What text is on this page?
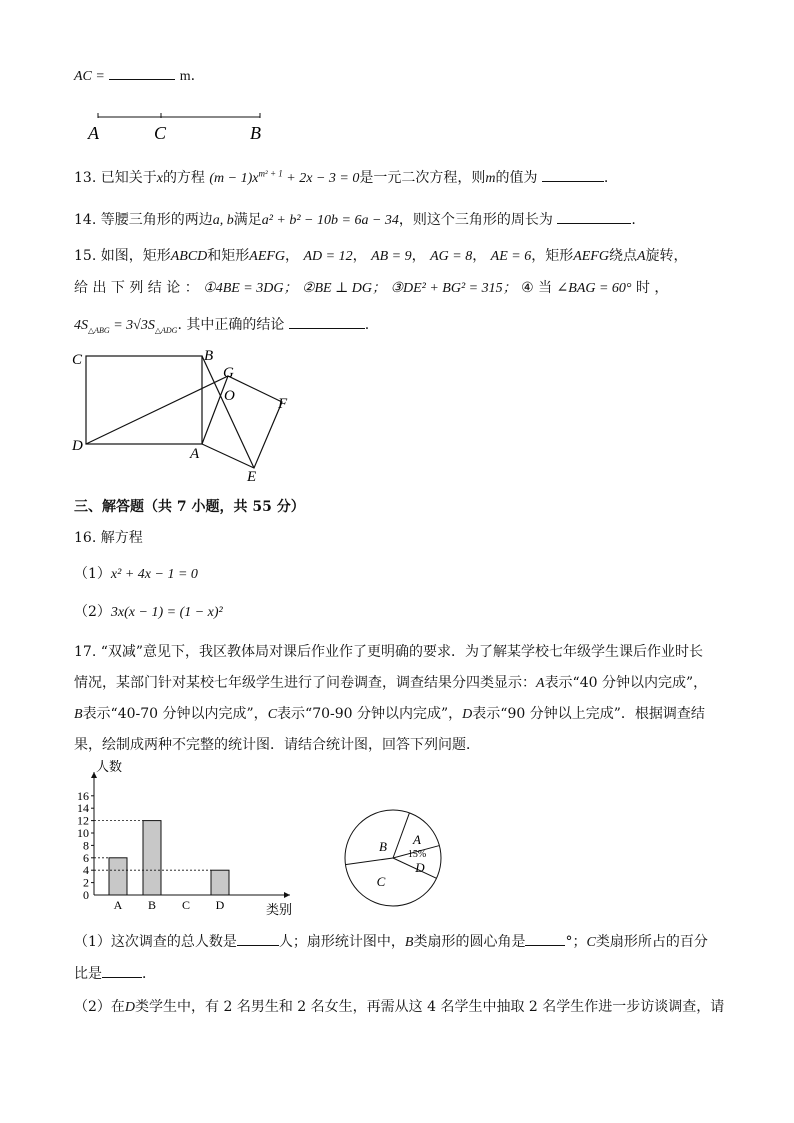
AC =	m.
A	C	B
13. 已知关于x的方程 $(m - 1)x^{m^2 + 1} + 2x - 3 = 0$是一元二次方程，则m的值为	.
14. 等腰三角形的两边a, b满足a² + b² − 10b = 6a − 34，则这个三角形的周长为	.
15. 如图，矩形ABCD和矩形AEFG， AD = 12， AB = 9， AG = 8， AE = 6，矩形AEFG绕点A旋转，
给 出 下 列 结 论 ： ①4BE = 3DG； ②BE ⊥ DG； ③DE² + BG² = 315； ④ 当 ∠BAG = 60° 时 ，
$4S_{\triangle ABG} = 3√3S_{\triangle ADG}$. 其中正确的结论	.
C	B
G
O	F
D	A
E
三、解答题（共 7 小题，共 55 分）
16. 解方程
（1）x² + 4x − 1 = 0
（2）3x(x − 1) = (1 − x)²
17. “双减”意见下，我区教体局对课后作业作了更明确的要求．为了解某学校七年级学生课后作业时长
情况，某部门针对某校七年级学生进行了问卷调查，调查结果分四类显示：A表示“40 分钟以内完成”，
B表示“40-70 分钟以内完成”，C表示“70-90 分钟以内完成”，D表示“90 分钟以上完成”．根据调查结
果，绘制成两种不完整的统计图．请结合统计图，回答下列问题．
人数
类别
0
2
4
6
8
10
12
14
16
A B C D
B A
D
C
15%
（1）这次调查的总人数是	人；扇形统计图中，B类扇形的圆心角是	°；C类扇形所占的百分
比是	．
（2）在D类学生中，有 2 名男生和 2 名女生，再需从这 4 名学生中抽取 2 名学生作进一步访谈调查，请
